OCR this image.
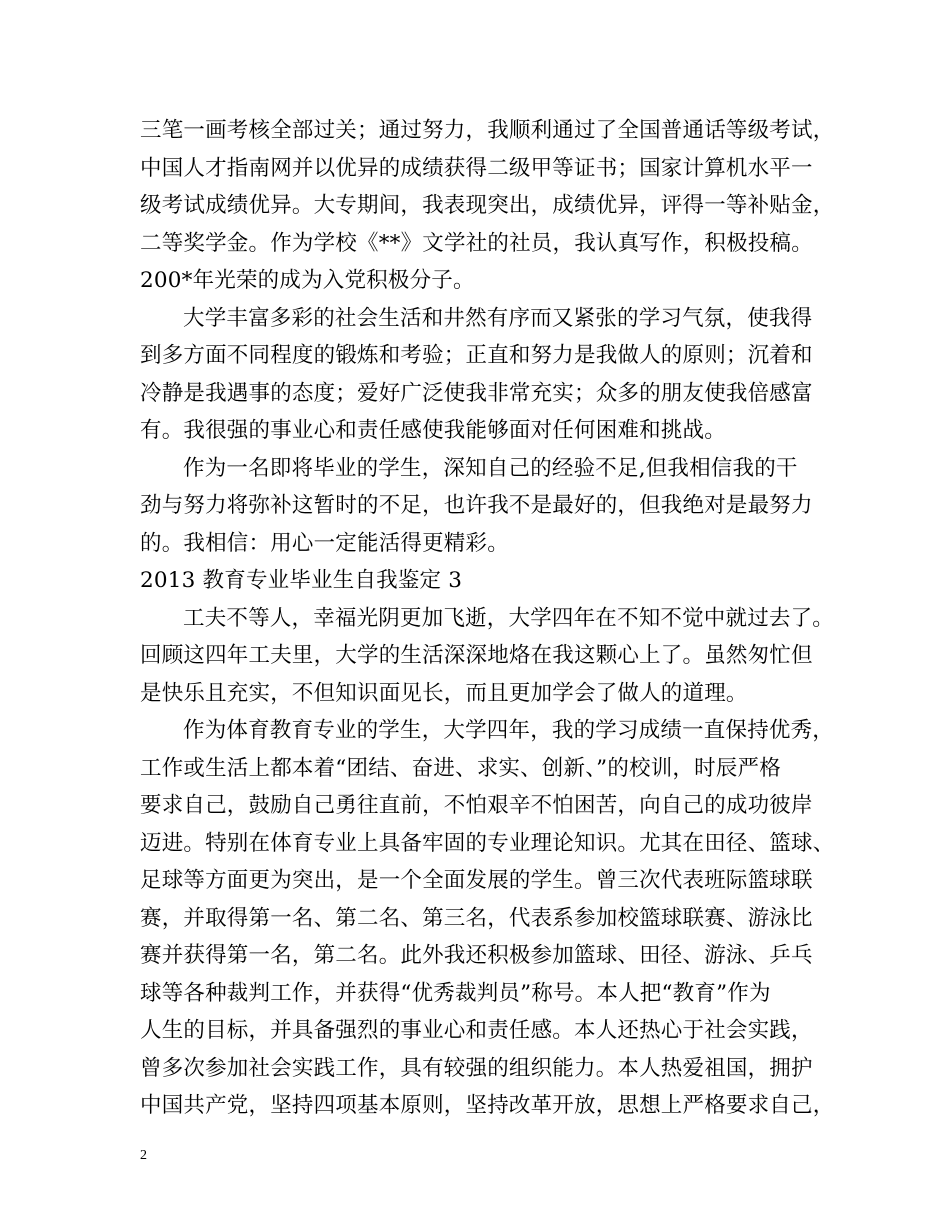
三笔一画考核全部过关；通过努力，我顺利通过了全国普通话等级考试，
中国人才指南网并以优异的成绩获得二级甲等证书；国家计算机水平一
级考试成绩优异。大专期间，我表现突出，成绩优异，评得一等补贴金，
二等奖学金。作为学校《**》文学社的社员，我认真写作，积极投稿。
200*年光荣的成为入党积极分子。
大学丰富多彩的社会生活和井然有序而又紧张的学习气氛，使我得
到多方面不同程度的锻炼和考验；正直和努力是我做人的原则；沉着和
冷静是我遇事的态度；爱好广泛使我非常充实；众多的朋友使我倍感富
有。我很强的事业心和责任感使我能够面对任何困难和挑战。
作为一名即将毕业的学生，深知自己的经验不足,但我相信我的干
劲与努力将弥补这暂时的不足，也许我不是最好的，但我绝对是最努力
的。我相信：用心一定能活得更精彩。
2013 教育专业毕业生自我鉴定 3
工夫不等人，幸福光阴更加飞逝，大学四年在不知不觉中就过去了。
回顾这四年工夫里，大学的生活深深地烙在我这颗心上了。虽然匆忙但
是快乐且充实，不但知识面见长，而且更加学会了做人的道理。
作为体育教育专业的学生，大学四年，我的学习成绩一直保持优秀，
工作或生活上都本着“团结、奋进、求实、创新、”的校训，时辰严格
要求自己，鼓励自己勇往直前，不怕艰辛不怕困苦，向自己的成功彼岸
迈进。特别在体育专业上具备牢固的专业理论知识。尤其在田径、篮球、
足球等方面更为突出，是一个全面发展的学生。曾三次代表班际篮球联
赛，并取得第一名、第二名、第三名，代表系参加校篮球联赛、游泳比
赛并获得第一名，第二名。此外我还积极参加篮球、田径、游泳、乒乓
球等各种裁判工作，并获得“优秀裁判员”称号。本人把“教育”作为
人生的目标，并具备强烈的事业心和责任感。本人还热心于社会实践，
曾多次参加社会实践工作，具有较强的组织能力。本人热爱祖国，拥护
中国共产党，坚持四项基本原则，坚持改革开放，思想上严格要求自己，
2
